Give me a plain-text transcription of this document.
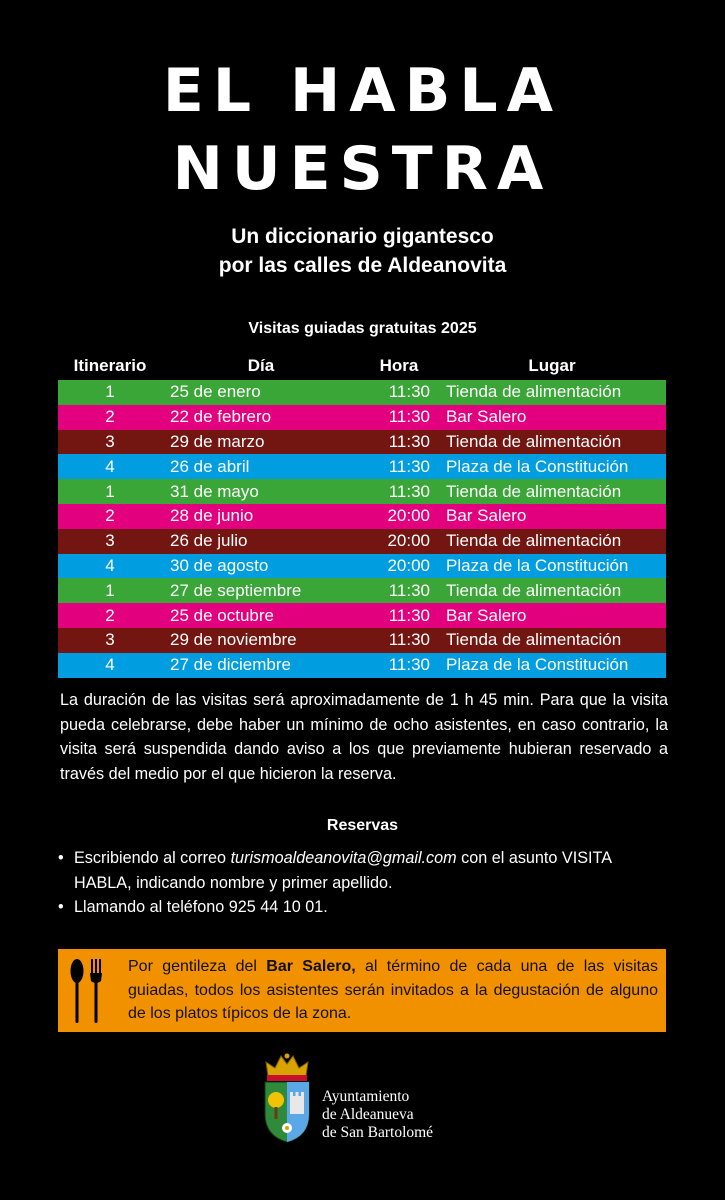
EL HABLA
NUESTRA
Un diccionario gigantesco
por las calles de Aldeanovita
Visitas guiadas gratuitas 2025
Itinerario	Día	Hora	Lugar
1	25 de enero	11:30	Tienda de alimentación
2	22 de febrero	11:30	Bar Salero
3	29 de marzo	11:30	Tienda de alimentación
4	26 de abril	11:30	Plaza de la Constitución
1	31 de mayo	11:30	Tienda de alimentación
2	28 de junio	20:00	Bar Salero
3	26 de julio	20:00	Tienda de alimentación
4	30 de agosto	20:00	Plaza de la Constitución
1	27 de septiembre	11:30	Tienda de alimentación
2	25 de octubre	11:30	Bar Salero
3	29 de noviembre	11:30	Tienda de alimentación
4	27 de diciembre	11:30	Plaza de la Constitución
La duración de las visitas será aproximadamente de 1 h 45 min. Para que la visita pueda celebrarse, debe haber un mínimo de ocho asistentes, en caso contrario, la visita será suspendida dando aviso a los que previamente hubieran reservado a través del medio por el que hicieron la reserva.
Reservas
• Escribiendo al correo turismoaldeanovita@gmail.com con el asunto VISITA HABLA, indicando nombre y primer apellido.
• Llamando al teléfono 925 44 10 01.
Por gentileza del Bar Salero, al término de cada una de las visitas guiadas, todos los asistentes serán invitados a la degustación de alguno de los platos típicos de la zona.
Ayuntamiento
de Aldeanueva
de San Bartolomé
